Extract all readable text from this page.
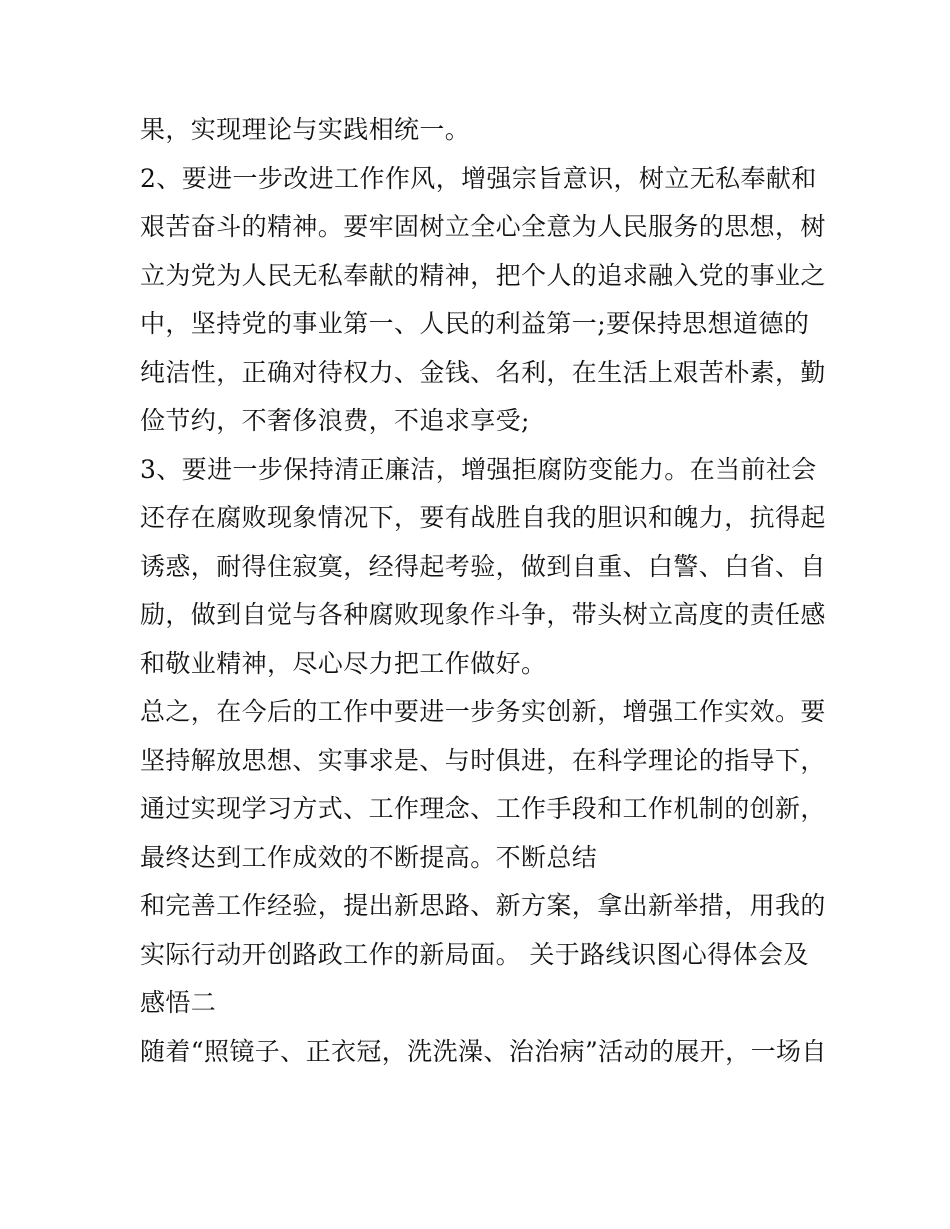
果，实现理论与实践相统一。
2、要进一步改进工作作风，增强宗旨意识，树立无私奉献和
艰苦奋斗的精神。要牢固树立全心全意为人民服务的思想，树
立为党为人民无私奉献的精神，把个人的追求融入党的事业之
中，坚持党的事业第一、人民的利益第一;要保持思想道德的
纯洁性，正确对待权力、金钱、名利，在生活上艰苦朴素，勤
俭节约，不奢侈浪费，不追求享受;
3、要进一步保持清正廉洁，增强拒腐防变能力。在当前社会
还存在腐败现象情况下，要有战胜自我的胆识和魄力，抗得起
诱惑，耐得住寂寞，经得起考验，做到自重、白警、白省、自
励，做到自觉与各种腐败现象作斗争，带头树立高度的责任感
和敬业精神，尽心尽力把工作做好。
总之，在今后的工作中要进一步务实创新，增强工作实效。要
坚持解放思想、实事求是、与时俱进，在科学理论的指导下，
通过实现学习方式、工作理念、工作手段和工作机制的创新，
最终达到工作成效的不断提高。不断总结
和完善工作经验，提出新思路、新方案，拿出新举措，用我的
实际行动开创路政工作的新局面。 关于路线识图心得体会及
感悟二
随着“照镜子、正衣冠，洗洗澡、治治病”活动的展开，一场自
